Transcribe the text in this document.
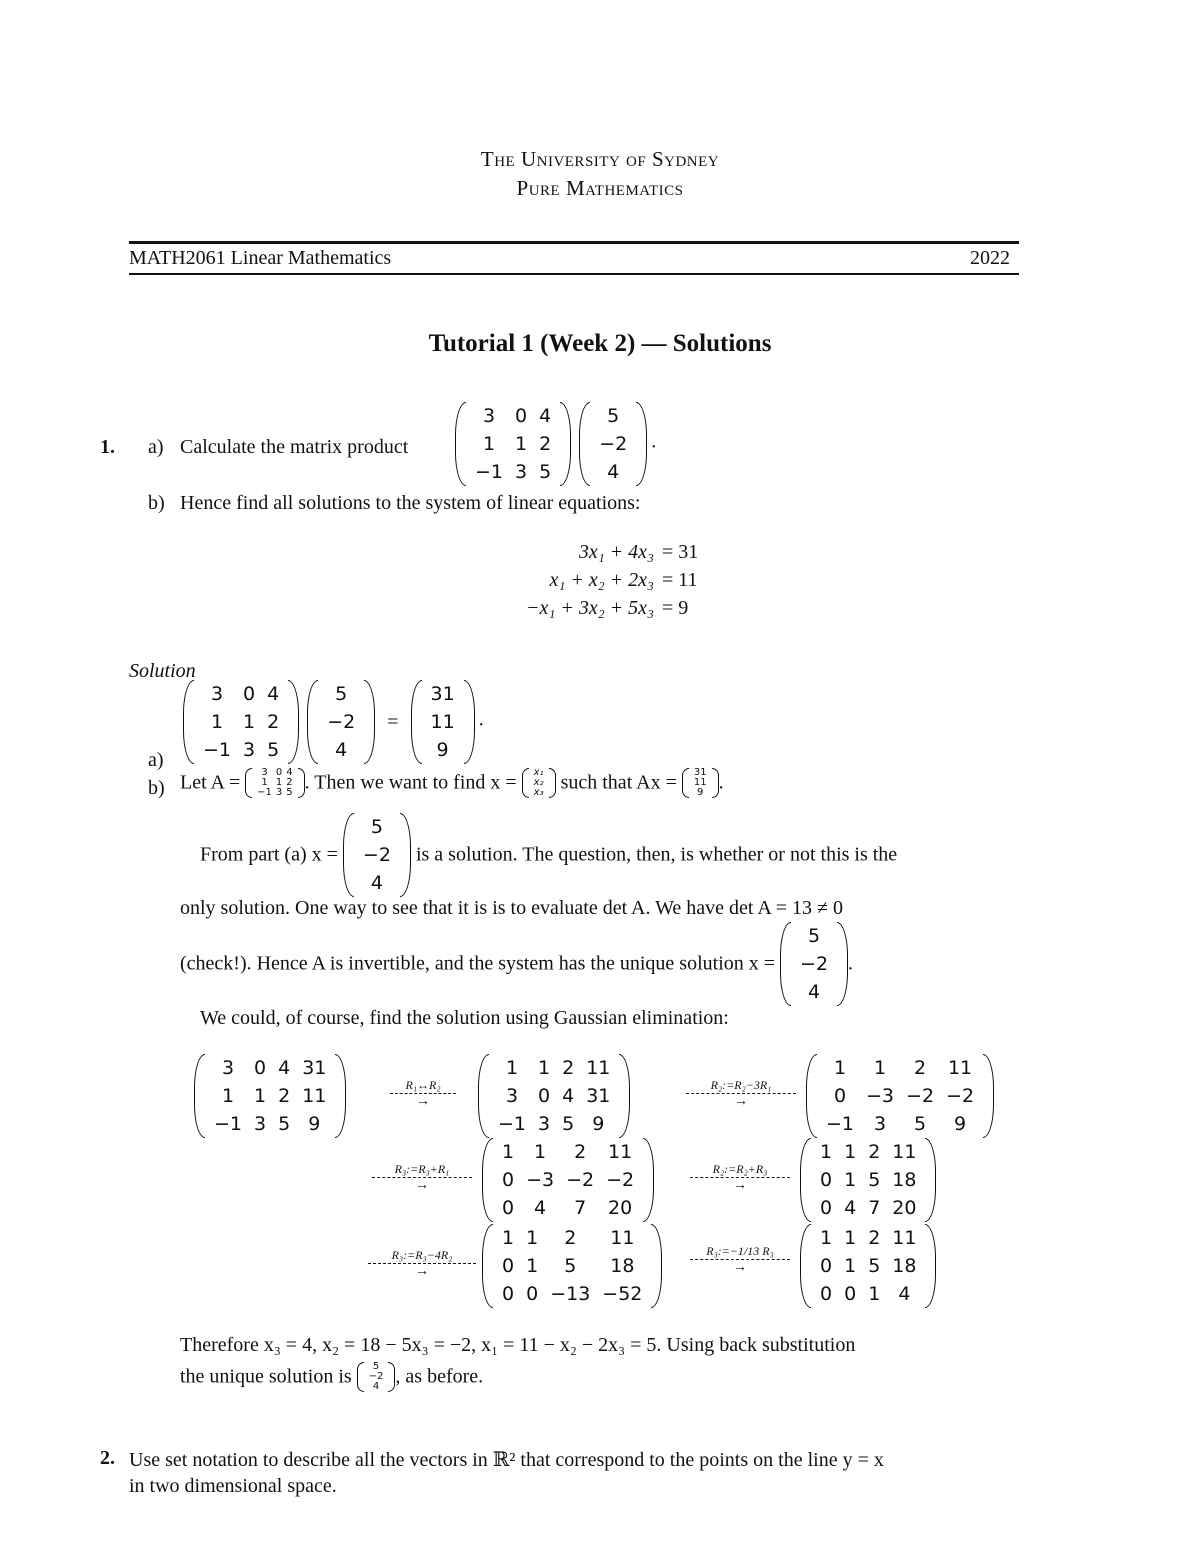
The University of Sydney
Pure Mathematics
MATH2061 Linear Mathematics	2022
Tutorial 1 (Week 2) — Solutions
1. a) Calculate the matrix product
3	0 4
1	1 2
−1 3 5

5
−2
4
.
b) Hence find all solutions to the system of linear equations:
3x₁ + 4x₃	= 31
x₁ + x₂ + 2x₃	= 11
−x₁ + 3x₂ + 5x₃	= 9
Solution
a)
3	0 4
1	1 2
−1 3 5

5
−2
4
=
31
11
9
.
b) Let A =	3 0 4
1 1 2
−1 3 5 . Then we want to find x = x₁
x₂
x₃ such that Ax = 31
11
9 .
From part (a) x =
5
−2
4
is a solution. The question, then, is whether or not this is the
only solution. One way to see that it is is to evaluate det A. We have det A = 13 ≠ 0
(check!). Hence A is invertible, and the system has the unique solution x =
5
−2
4
.
We could, of course, find the solution using Gaussian elimination:
3	0 4 31
1	1 2 11
−1 3 5 9
R₁↔R₂
→
1	1 2 11
3	0 4 31
−1 3 5 9
R₂:=R₂−3R₁
→
1	1	2	11
0	−3 −2 −2
−1	3	5	9
R₃:=R₃+R₁
→
1	1	2	11
0 −3 −2 −2
0	4	7	20
R₂:=R₂+R₃
→
1 1 2 11
0 1 5 18
0 4 7 20
R₃:=R₃−4R₂
→
1 1	2	11
0 1	5	18
0 0 −13 −52
R₃:=−1/13 R₃
→
1 1 2 11
0 1 5 18
0 0 1 4
Therefore x₃ = 4, x₂ = 18 − 5x₃ = −2, x₁ = 11 − x₂ − 2x₃ = 5. Using back substitution
the unique solution is	5
−2
4 , as before.
2. Use set notation to describe all the vectors in ℝ² that correspond to the points on the line y = x
in two dimensional space.
